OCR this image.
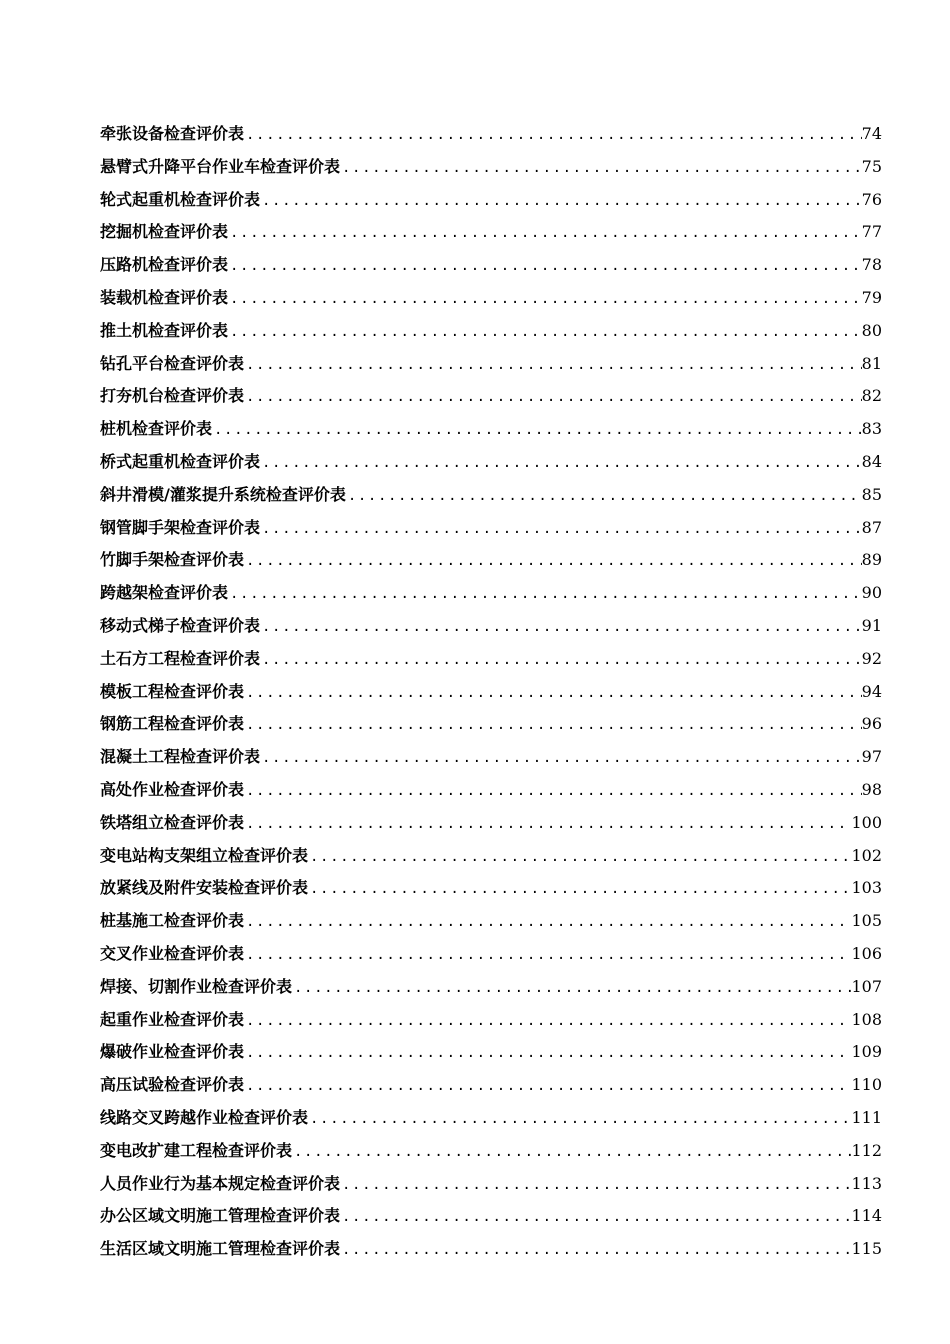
牵张设备检查评价表 .....	74
悬臂式升降平台作业车检查评价表 .....	75
轮式起重机检查评价表 .....	76
挖掘机检查评价表 .....	77
压路机检查评价表 .....	78
装载机检查评价表 .....	79
推土机检查评价表 .....	80
钻孔平台检查评价表 .....	81
打夯机台检查评价表 .....	82
桩机检查评价表 .....	83
桥式起重机检查评价表 .....	84
斜井滑模/灌浆提升系统检查评价表 .....	85
钢管脚手架检查评价表 .....	87
竹脚手架检查评价表 .....	89
跨越架检查评价表 .....	90
移动式梯子检查评价表 .....	91
土石方工程检查评价表 .....	92
模板工程检查评价表 .....	94
钢筋工程检查评价表 .....	96
混凝土工程检查评价表 .....	97
高处作业检查评价表 .....	98
铁塔组立检查评价表 .....	100
变电站构支架组立检查评价表 .....	102
放紧线及附件安装检查评价表 .....	103
桩基施工检查评价表 .....	105
交叉作业检查评价表 .....	106
焊接、切割作业检查评价表 .....	107
起重作业检查评价表 .....	108
爆破作业检查评价表 .....	109
高压试验检查评价表 .....	110
线路交叉跨越作业检查评价表 .....	111
变电改扩建工程检查评价表 .....	112
人员作业行为基本规定检查评价表 .....	113
办公区域文明施工管理检查评价表 .....	114
生活区域文明施工管理检查评价表 .....	115
